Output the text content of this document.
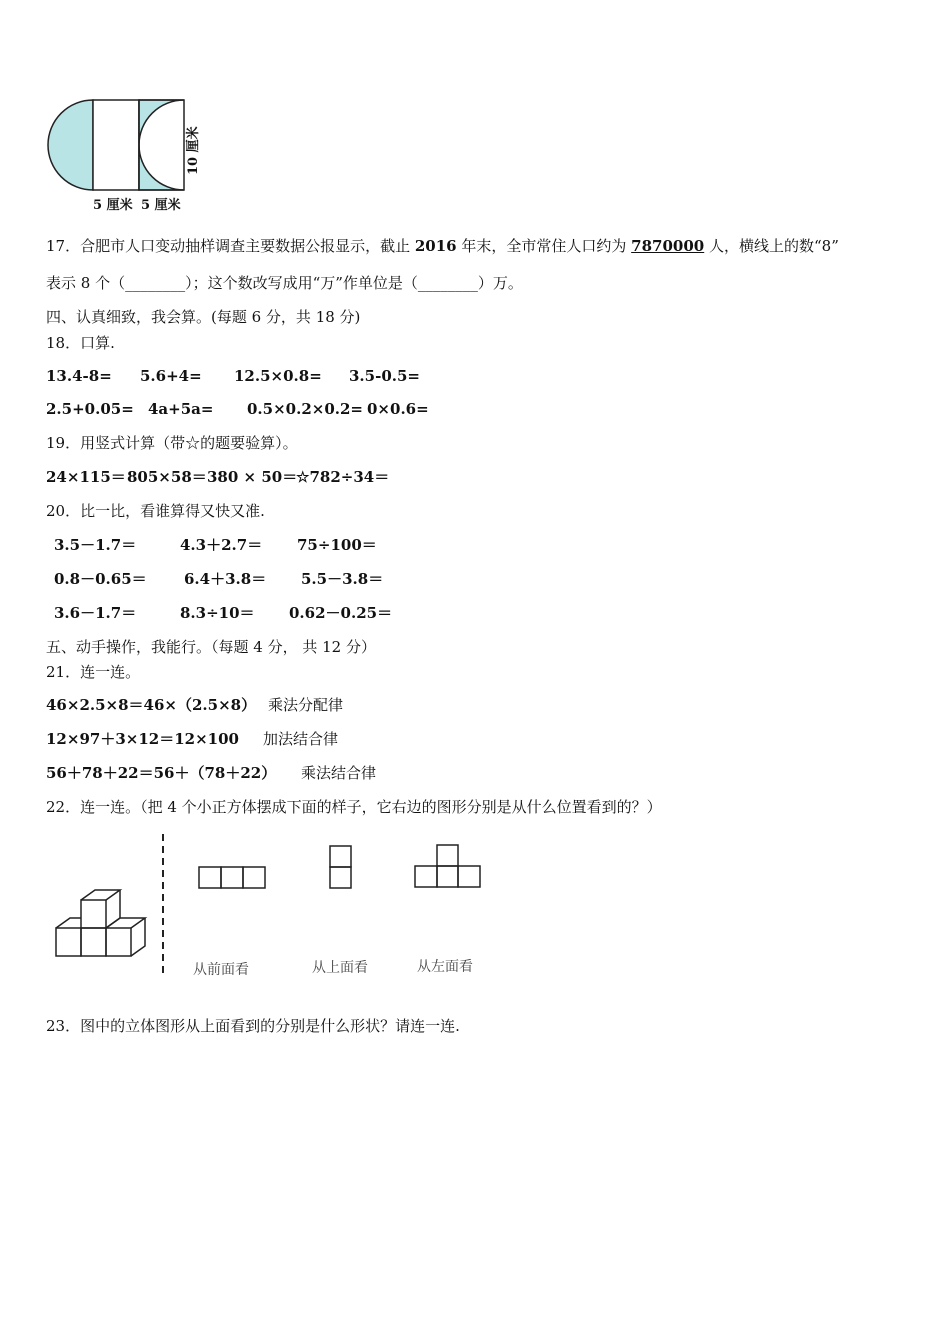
5 厘米 5 厘米
10 厘米
17．合肥市人口变动抽样调查主要数据公报显示，截止 2016 年末，全市常住人口约为 7870000 人，横线上的数“8”
表示 8 个（________）；这个数改写成用“万”作单位是（________）万。
四、认真细致，我会算。(每题 6 分，共 18 分)
18．口算.
13.4-8= 5.6+4= 12.5×0.8= 3.5-0.5=
2.5+0.05= 4a+5a= 0.5×0.2×0.2= 0×0.6=
19．用竖式计算（带☆的题要验算）。
24×115＝ 805×58＝ 380 × 50＝
☆782÷34＝
20．比一比，看谁算得又快又准.
3.5－1.7＝	4.3＋2.7＝ 75÷100＝
0.8－0.65＝ 6.4＋3.8＝ 5.5－3.8＝
3.6－1.7＝	8.3÷10＝ 0.62－0.25＝
五、动手操作，我能行。（每题 4 分， 共 12 分）
21．连一连。
46×2.5×8＝46×（2.5×8） 乘法分配律
12×97＋3×12＝12×100 加法结合律
56＋78＋22＝56＋（78＋22） 乘法结合律
22．连一连。（把 4 个小正方体摆成下面的样子，它右边的图形分别是从什么位置看到的？）
从前面看	从上面看	从左面看
23．图中的立体图形从上面看到的分别是什么形状？请连一连.
